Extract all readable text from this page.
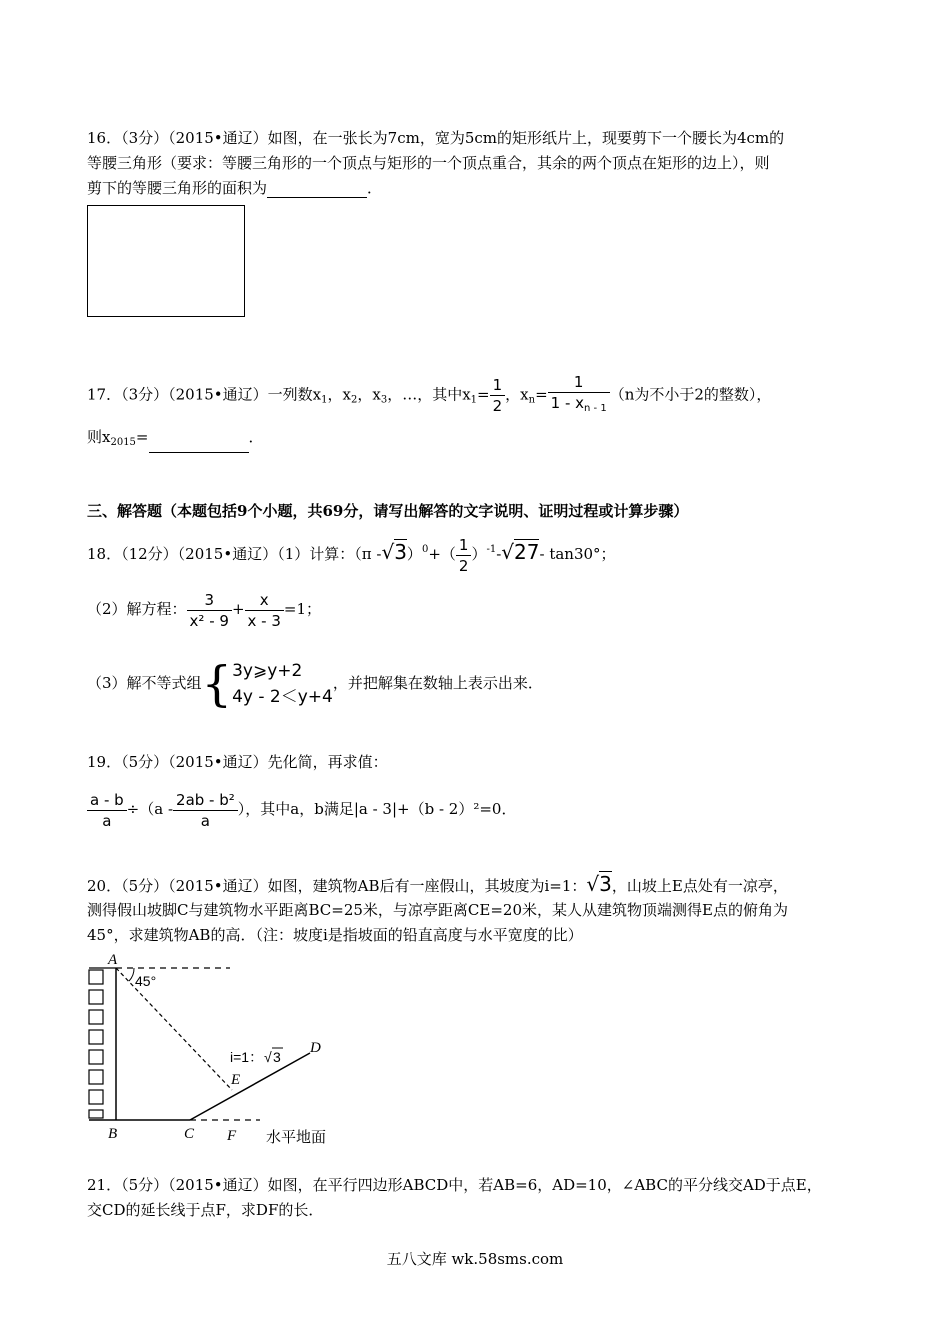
16．（3分）（2015•通辽）如图，在一张长为7cm，宽为5cm的矩形纸片上，现要剪下一个腰长为4cm的
等腰三角形（要求：等腰三角形的一个顶点与矩形的一个顶点重合，其余的两个顶点在矩形的边上），则
剪下的等腰三角形的面积为	．
17．（3分）（2015•通辽）一列数$x_1$，$x_2$，$x_3$，…，其中$x_1= \frac{1}{2}$ ，$x_n= \frac{1}{1 - x_{n - 1}} (n$为不小于2的整数），
则$x_{2015}=$	．
三、解答题（本题包括9个小题，共69分，请写出解答的文字说明、证明过程或计算步骤）
18．（12分）（2015•通辽）（1）计算：（π $-√3)^0+( \frac{1}{2} )^{-1}-√27-$ tan30°；
（2）解方程： $\frac{3}{\text{x² - 9}} + \frac{x}{x - 3} =1$；
（3）解不等式组{ 3y⩾y+2
4y - 2＜y+4
，并把解集在数轴上表示出来．
19．（5分）（2015•通辽）先化简，再求值：
$\frac{a - b}{a} \div(a - \frac{\text{2ab - b²}}{a}$ ），其中a，b满足|a - 3|+（b - 2）²=0．
20．（5分）（2015•通辽）如图，建筑物AB后有一座假山，其坡度为i=1：√3，山坡上E点处有一凉亭，
测得假山坡脚C与建筑物水平距离BC=25米，与凉亭距离CE=20米，某人从建筑物顶端测得E点的俯角为
45°，求建筑物AB的高．（注：坡度i是指坡面的铅直高度与水平宽度的比）
A
45°
B	C F
D
E
i=1： √ 3
水平地面
21．（5分）（2015•通辽）如图，在平行四边形ABCD中，若AB=6，AD=10，∠ABC的平分线交AD于点E，
交CD的延长线于点F，求DF的长．
五八文库 wk.58sms.com
